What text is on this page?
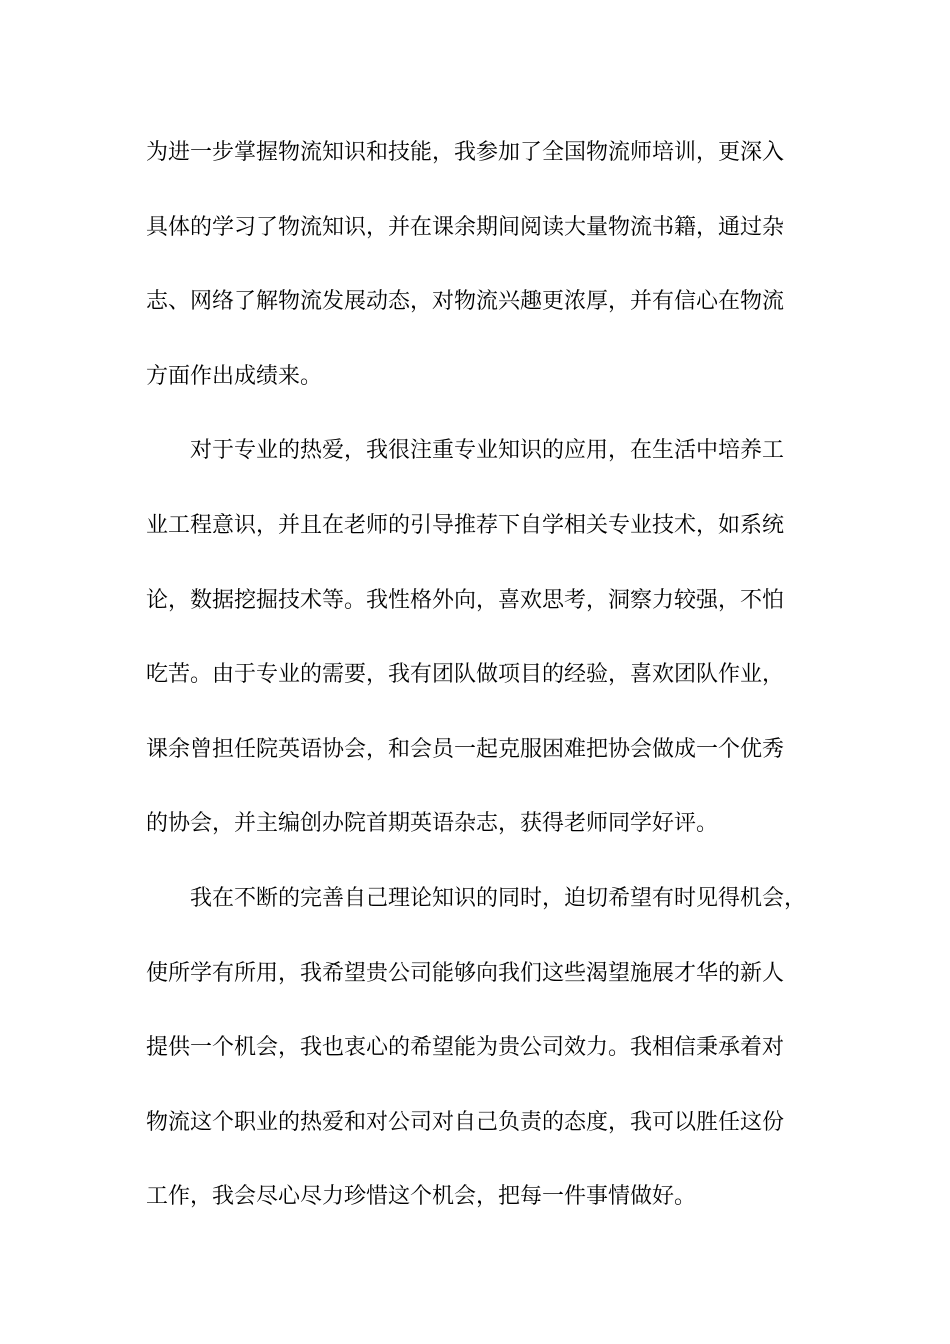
为进一步掌握物流知识和技能，我参加了全国物流师培训，更深入
具体的学习了物流知识，并在课余期间阅读大量物流书籍，通过杂
志、网络了解物流发展动态，对物流兴趣更浓厚，并有信心在物流
方面作出成绩来。
对于专业的热爱，我很注重专业知识的应用，在生活中培养工
业工程意识，并且在老师的引导推荐下自学相关专业技术，如系统
论，数据挖掘技术等。我性格外向，喜欢思考，洞察力较强，不怕
吃苦。由于专业的需要，我有团队做项目的经验，喜欢团队作业，
课余曾担任院英语协会，和会员一起克服困难把协会做成一个优秀
的协会，并主编创办院首期英语杂志，获得老师同学好评。
我在不断的完善自己理论知识的同时，迫切希望有时见得机会，
使所学有所用，我希望贵公司能够向我们这些渴望施展才华的新人
提供一个机会，我也衷心的希望能为贵公司效力。我相信秉承着对
物流这个职业的热爱和对公司对自己负责的态度，我可以胜任这份
工作，我会尽心尽力珍惜这个机会，把每一件事情做好。
